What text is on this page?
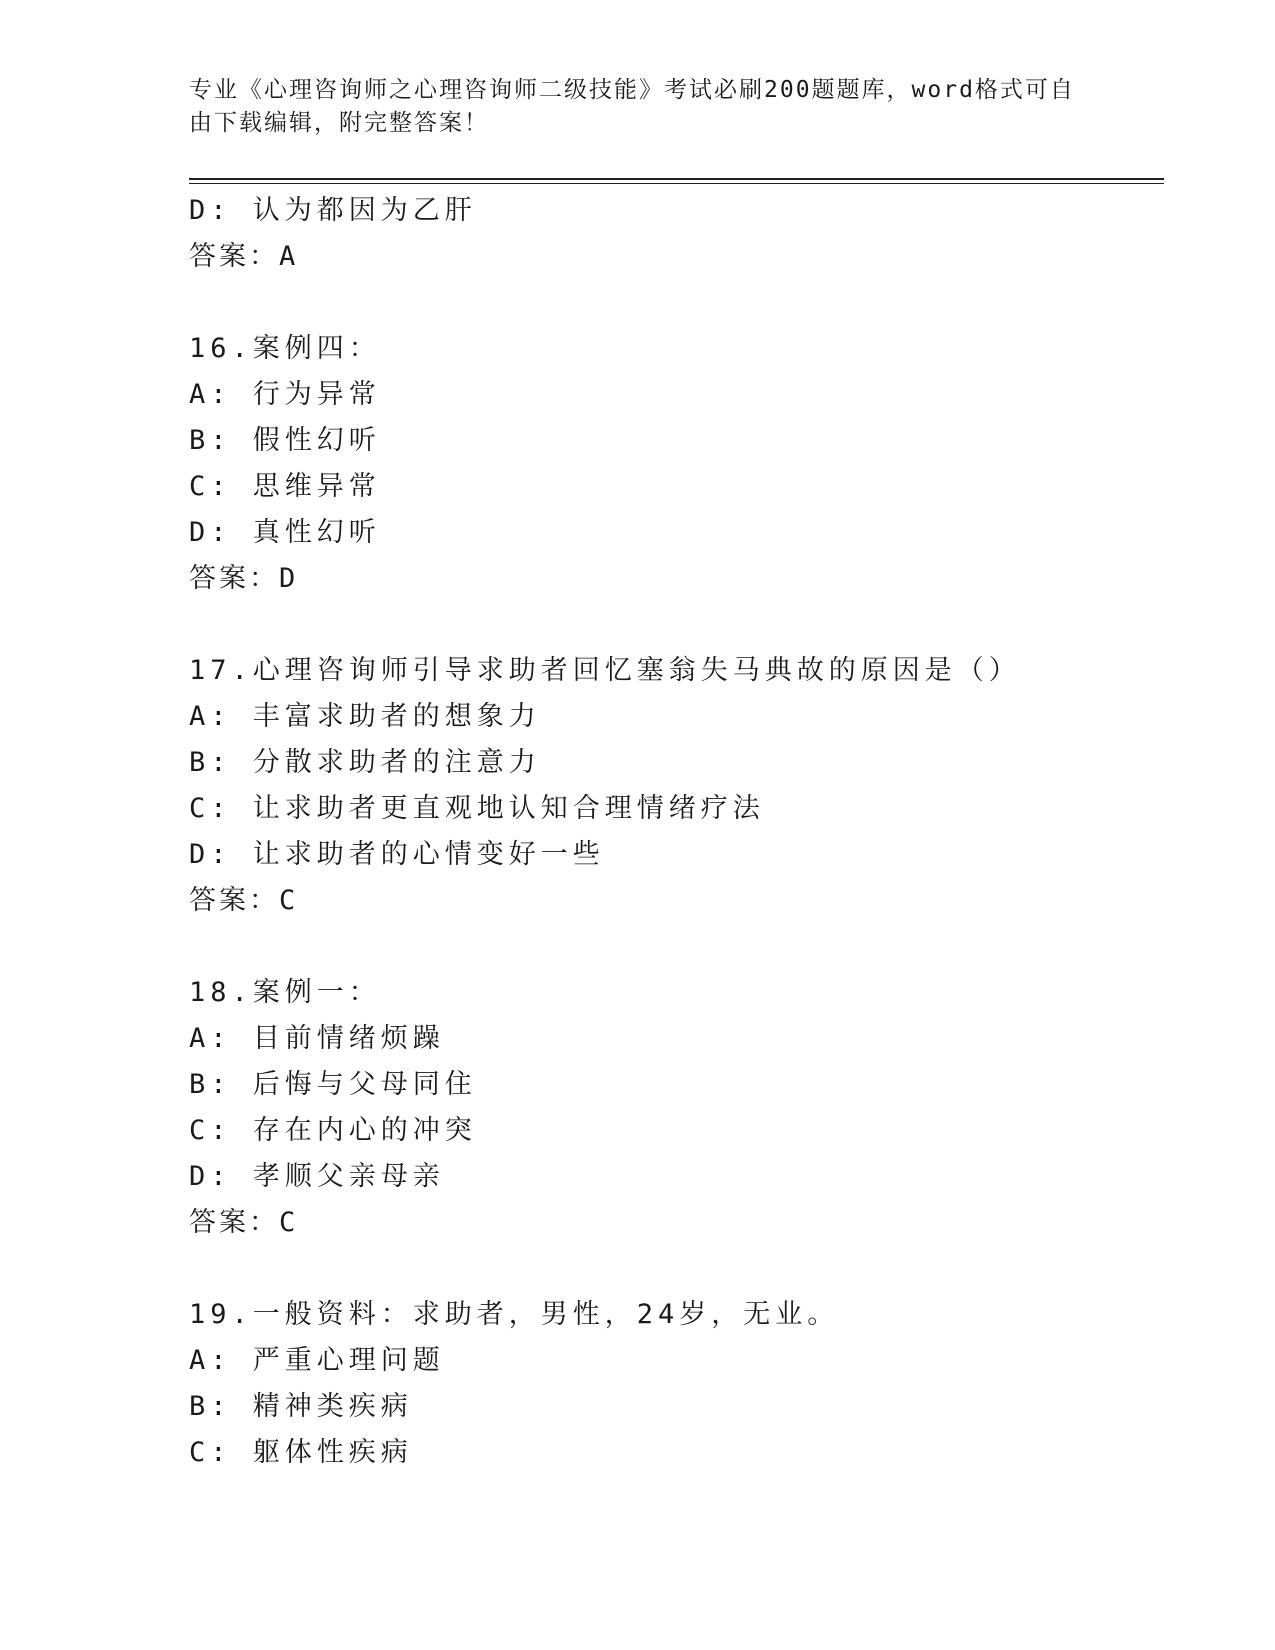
专业《心理咨询师之心理咨询师二级技能》考试必刷200题题库，word格式可自
由下载编辑，附完整答案！
D: 认为都因为乙肝
答案：A
16.案例四：
A: 行为异常
B: 假性幻听
C: 思维异常
D: 真性幻听
答案：D
17.心理咨询师引导求助者回忆塞翁失马典故的原因是（）
A: 丰富求助者的想象力
B: 分散求助者的注意力
C: 让求助者更直观地认知合理情绪疗法
D: 让求助者的心情变好一些
答案：C
18.案例一：
A: 目前情绪烦躁
B: 后悔与父母同住
C: 存在内心的冲突
D: 孝顺父亲母亲
答案：C
19.一般资料：求助者，男性，24岁，无业。
A: 严重心理问题
B: 精神类疾病
C: 躯体性疾病
